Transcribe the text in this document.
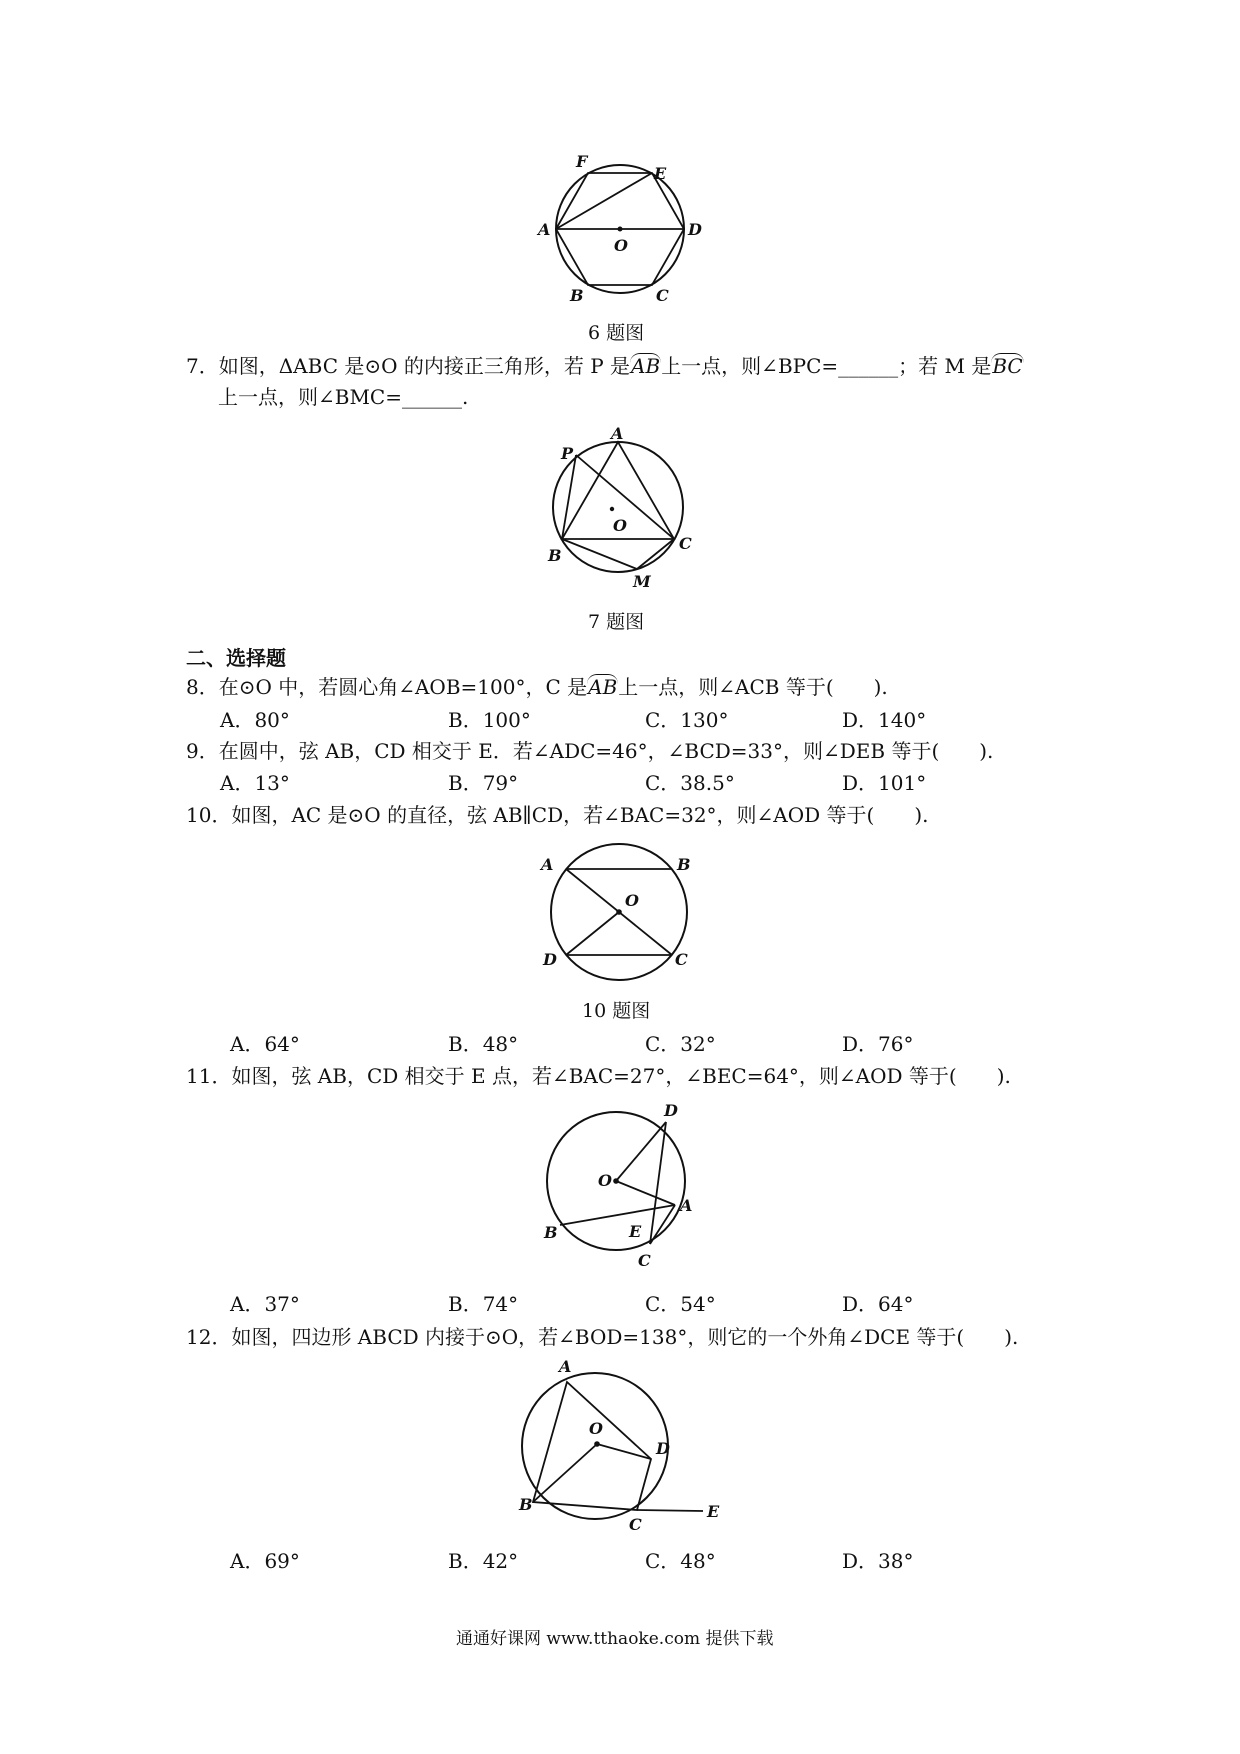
F
E
A
O
D
B	C
6 题图
7．如图，ΔABC 是⊙O 的内接正三角形，若 P 是AB上一点，则∠BPC=______；若 M 是BC
上一点，则∠BMC=______.
A
P
O
B
C
M
7 题图
二、选择题
8．在⊙O 中，若圆心角∠AOB=100°，C 是AB上一点，则∠ACB 等于(　　).
A．80°	B．100°	C．130°	D．140°
9．在圆中，弦 AB，CD 相交于 E．若∠ADC=46°，∠BCD=33°，则∠DEB 等于(　　).
A．13°	B．79°	C．38.5°	D．101°
10．如图，AC 是⊙O 的直径，弦 AB∥CD，若∠BAC=32°，则∠AOD 等于(　　).
A	B
O
D	C
10 题图
A．64°	B．48°	C．32°	D．76°
11．如图，弦 AB，CD 相交于 E 点，若∠BAC=27°，∠BEC=64°，则∠AOD 等于(　　).
D
O
A
B	E
C
A．37°	B．74°	C．54°	D．64°
12．如图，四边形 ABCD 内接于⊙O，若∠BOD=138°，则它的一个外角∠DCE 等于(　　).
A
O
D
B
C
E
A．69°	B．42°	C．48°	D．38°
通通好课网 www.tthaoke.com 提供下载
